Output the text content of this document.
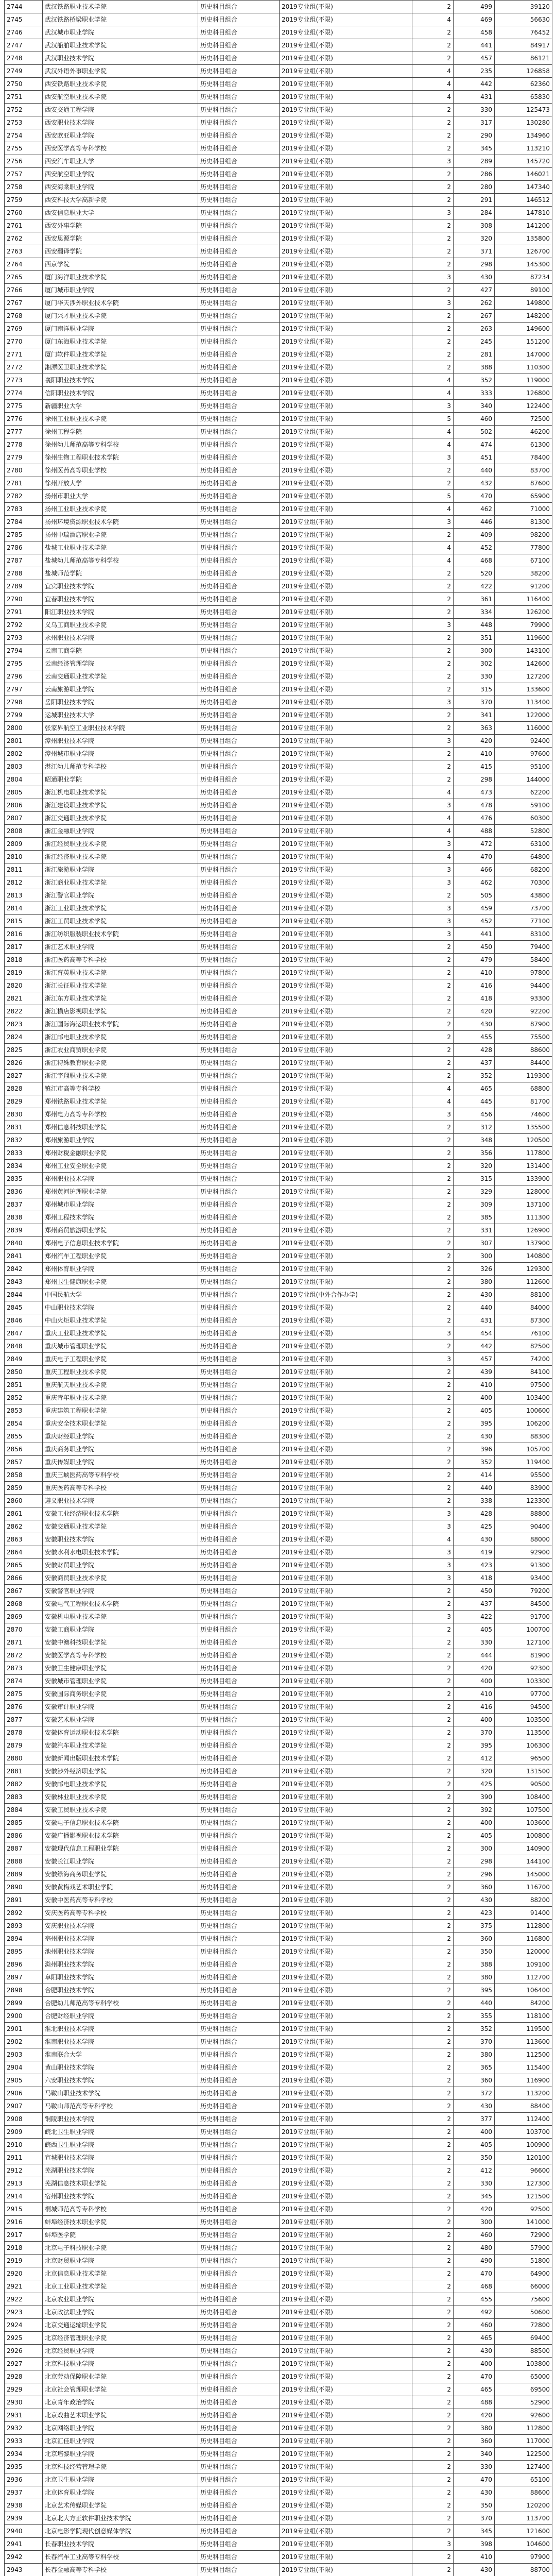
2744	武汉铁路职业技术学院	历史科目组合	2019专业组(不限)	2	499	39120
2745	武汉铁路桥梁职业学院	历史科目组合	2019专业组(不限)	4	469	56630
2746	武汉城市职业学院	历史科目组合	2019专业组(不限)	2	458	76452
2747	武汉船舶职业技术学院	历史科目组合	2019专业组(不限)	2	441	84917
2748	武汉职业技术学院	历史科目组合	2019专业组(不限)	2	457	86121
2749	武汉外语外事职业学院	历史科目组合	2019专业组(不限)	4	235	126858
2750	西安铁路职业技术学院	历史科目组合	2019专业组(不限)	4	442	62360
2751	西安航空职业技术学院	历史科目组合	2019专业组(不限)	4	431	65830
2752	西安交通工程学院	历史科目组合	2019专业组(不限)	2	330	125473
2753	西安职业技术学院	历史科目组合	2019专业组(不限)	2	317	130280
2754	西安欧亚职业学院	历史科目组合	2019专业组(不限)	2	290	134960
2755	西安医学高等专科学校	历史科目组合	2019专业组(不限)	2	345	113210
2756	西安汽车职业大学	历史科目组合	2019专业组(不限)	3	289	145720
2757	西安航空职业学院	历史科目组合	2019专业组(不限)	2	286	146021
2758	西安海棠职业学院	历史科目组合	2019专业组(不限)	2	280	147340
2759	西安科技大学高新学院	历史科目组合	2019专业组(不限)	2	291	146512
2760	西安信息职业大学	历史科目组合	2019专业组(不限)	3	284	147810
2761	西安外事学院	历史科目组合	2019专业组(不限)	2	308	141200
2762	西安思源学院	历史科目组合	2019专业组(不限)	2	320	135800
2763	西安翻译学院	历史科目组合	2019专业组(不限)	2	371	126700
2764	西京学院	历史科目组合	2019专业组(不限)	2	298	145300
2765	厦门海洋职业技术学院	历史科目组合	2019专业组(不限)	3	430	87234
2766	厦门城市职业学院	历史科目组合	2019专业组(不限)	2	427	89100
2767	厦门华天涉外职业技术学院	历史科目组合	2019专业组(不限)	3	262	149800
2768	厦门兴才职业技术学院	历史科目组合	2019专业组(不限)	2	267	148200
2769	厦门南洋职业学院	历史科目组合	2019专业组(不限)	2	263	149600
2770	厦门东海职业技术学院	历史科目组合	2019专业组(不限)	2	245	151200
2771	厦门软件职业技术学院	历史科目组合	2019专业组(不限)	2	281	147000
2772	湘潭医卫职业技术学院	历史科目组合	2019专业组(不限)	2	388	110300
2773	襄阳职业技术学院	历史科目组合	2019专业组(不限)	4	352	119000
2774	信阳职业技术学院	历史科目组合	2019专业组(不限)	4	333	126800
2775	新疆职业大学	历史科目组合	2019专业组(不限)	3	340	122400
2776	徐州工业职业技术学院	历史科目组合	2019专业组(不限)	5	460	72500
2777	徐州工程学院	历史科目组合	2019专业组(不限)	4	502	46200
2778	徐州幼儿师范高等专科学校	历史科目组合	2019专业组(不限)	4	474	61300
2779	徐州生物工程职业技术学院	历史科目组合	2019专业组(不限)	3	451	78400
2780	徐州医药高等职业学校	历史科目组合	2019专业组(不限)	2	440	83700
2781	徐州开放大学	历史科目组合	2019专业组(不限)	2	432	87600
2782	扬州市职业大学	历史科目组合	2019专业组(不限)	5	470	65900
2783	扬州工业职业技术学院	历史科目组合	2019专业组(不限)	4	462	71000
2784	扬州环境资源职业技术学院	历史科目组合	2019专业组(不限)	3	446	81300
2785	扬州中瑞酒店职业学院	历史科目组合	2019专业组(不限)	2	409	98200
2786	盐城工业职业技术学院	历史科目组合	2019专业组(不限)	4	452	77800
2787	盐城幼儿师范高等专科学校	历史科目组合	2019专业组(不限)	4	468	67100
2788	盐城师范学院	历史科目组合	2019专业组(不限)	2	520	38200
2789	宜宾职业技术学院	历史科目组合	2019专业组(不限)	2	422	91200
2790	宜春职业技术学院	历史科目组合	2019专业组(不限)	2	361	116400
2791	阳江职业技术学院	历史科目组合	2019专业组(不限)	2	334	126200
2792	义乌工商职业技术学院	历史科目组合	2019专业组(不限)	3	448	79900
2793	永州职业技术学院	历史科目组合	2019专业组(不限)	2	351	119600
2794	云南工商学院	历史科目组合	2019专业组(不限)	2	300	143100
2795	云南经济管理学院	历史科目组合	2019专业组(不限)	2	302	142600
2796	云南交通职业技术学院	历史科目组合	2019专业组(不限)	2	330	127200
2797	云南旅游职业学院	历史科目组合	2019专业组(不限)	2	315	133600
2798	岳阳职业技术学院	历史科目组合	2019专业组(不限)	3	370	113400
2799	运城职业技术大学	历史科目组合	2019专业组(不限)	2	341	122000
2800	张家界航空工业职业技术学院	历史科目组合	2019专业组(不限)	2	363	116000
2801	漳州职业技术学院	历史科目组合	2019专业组(不限)	3	420	92400
2802	漳州城市职业学院	历史科目组合	2019专业组(不限)	2	410	97600
2803	湛江幼儿师范专科学校	历史科目组合	2019专业组(不限)	2	415	95100
2804	昭通职业学院	历史科目组合	2019专业组(不限)	2	298	144000
2805	浙江机电职业技术学院	历史科目组合	2019专业组(不限)	4	473	62200
2806	浙江建设职业技术学院	历史科目组合	2019专业组(不限)	3	478	59100
2807	浙江交通职业技术学院	历史科目组合	2019专业组(不限)	4	476	60300
2808	浙江金融职业学院	历史科目组合	2019专业组(不限)	4	488	52800
2809	浙江经贸职业技术学院	历史科目组合	2019专业组(不限)	3	472	63100
2810	浙江经济职业技术学院	历史科目组合	2019专业组(不限)	4	470	64800
2811	浙江旅游职业学院	历史科目组合	2019专业组(不限)	3	466	68200
2812	浙江商业职业技术学院	历史科目组合	2019专业组(不限)	3	462	70300
2813	浙江警官职业学院	历史科目组合	2019专业组(不限)	2	505	43800
2814	浙江工业职业技术学院	历史科目组合	2019专业组(不限)	3	459	73700
2815	浙江工贸职业技术学院	历史科目组合	2019专业组(不限)	3	452	77100
2816	浙江纺织服装职业技术学院	历史科目组合	2019专业组(不限)	3	441	83100
2817	浙江艺术职业学院	历史科目组合	2019专业组(不限)	2	450	79400
2818	浙江医药高等专科学校	历史科目组合	2019专业组(不限)	2	479	58400
2819	浙江育英职业技术学院	历史科目组合	2019专业组(不限)	2	410	97800
2820	浙江长征职业技术学院	历史科目组合	2019专业组(不限)	2	416	94400
2821	浙江东方职业技术学院	历史科目组合	2019专业组(不限)	2	418	93300
2822	浙江横店影视职业学院	历史科目组合	2019专业组(不限)	2	420	92200
2823	浙江国际海运职业技术学院	历史科目组合	2019专业组(不限)	2	430	87900
2824	浙江邮电职业技术学院	历史科目组合	2019专业组(不限)	2	455	75500
2825	浙江农业商贸职业学院	历史科目组合	2019专业组(不限)	2	428	88600
2826	浙江特殊教育职业学院	历史科目组合	2019专业组(不限)	2	437	84400
2827	浙江宇翔职业技术学院	历史科目组合	2019专业组(不限)	2	352	119300
2828	镇江市高等专科学校	历史科目组合	2019专业组(不限)	4	465	68800
2829	郑州铁路职业技术学院	历史科目组合	2019专业组(不限)	4	445	81700
2830	郑州电力高等专科学校	历史科目组合	2019专业组(不限)	3	456	74600
2831	郑州信息科技职业学院	历史科目组合	2019专业组(不限)	2	312	135500
2832	郑州旅游职业学院	历史科目组合	2019专业组(不限)	2	348	120500
2833	郑州财税金融职业学院	历史科目组合	2019专业组(不限)	2	356	117800
2834	郑州工业安全职业学院	历史科目组合	2019专业组(不限)	2	320	131400
2835	郑州职业技术学院	历史科目组合	2019专业组(不限)	2	315	133900
2836	郑州黄河护理职业学院	历史科目组合	2019专业组(不限)	2	329	128000
2837	郑州城市职业学院	历史科目组合	2019专业组(不限)	2	309	137100
2838	郑州工程技术学院	历史科目组合	2019专业组(不限)	2	385	111300
2839	郑州商贸旅游职业学院	历史科目组合	2019专业组(不限)	2	331	126900
2840	郑州电子信息职业技术学院	历史科目组合	2019专业组(不限)	2	307	137900
2841	郑州汽车工程职业学院	历史科目组合	2019专业组(不限)	2	300	140800
2842	郑州体育职业学院	历史科目组合	2019专业组(不限)	2	326	129300
2843	郑州卫生健康职业学院	历史科目组合	2019专业组(不限)	2	380	112600
2844	中国民航大学	历史科目组合	2019专业组(中外合作办学)	2	430	88100
2845	中山职业技术学院	历史科目组合	2019专业组(不限)	2	440	84000
2846	中山火炬职业技术学院	历史科目组合	2019专业组(不限)	2	431	87300
2847	重庆工业职业技术学院	历史科目组合	2019专业组(不限)	3	454	76100
2848	重庆城市管理职业学院	历史科目组合	2019专业组(不限)	2	442	82500
2849	重庆电子工程职业学院	历史科目组合	2019专业组(不限)	3	457	74200
2850	重庆工程职业技术学院	历史科目组合	2019专业组(不限)	2	439	84100
2851	重庆航天职业技术学院	历史科目组合	2019专业组(不限)	2	410	97500
2852	重庆青年职业技术学院	历史科目组合	2019专业组(不限)	2	400	103400
2853	重庆建筑工程职业学院	历史科目组合	2019专业组(不限)	2	405	100600
2854	重庆安全技术职业学院	历史科目组合	2019专业组(不限)	2	395	106200
2855	重庆财经职业学院	历史科目组合	2019专业组(不限)	2	430	88300
2856	重庆商务职业学院	历史科目组合	2019专业组(不限)	2	396	105700
2857	重庆传媒职业学院	历史科目组合	2019专业组(不限)	2	352	119400
2858	重庆三峡医药高等专科学校	历史科目组合	2019专业组(不限)	2	414	95500
2859	重庆医药高等专科学校	历史科目组合	2019专业组(不限)	2	440	83900
2860	遵义职业技术学院	历史科目组合	2019专业组(不限)	2	338	123300
2861	安徽工业经济职业技术学院	历史科目组合	2019专业组(不限)	3	428	88800
2862	安徽交通职业技术学院	历史科目组合	2019专业组(不限)	3	425	90400
2863	安徽职业技术学院	历史科目组合	2019专业组(不限)	4	430	88000
2864	安徽水利水电职业技术学院	历史科目组合	2019专业组(不限)	3	419	92900
2865	安徽财贸职业学院	历史科目组合	2019专业组(不限)	3	423	91300
2866	安徽商贸职业技术学院	历史科目组合	2019专业组(不限)	3	418	93400
2867	安徽警官职业学院	历史科目组合	2019专业组(不限)	2	450	79200
2868	安徽电气工程职业技术学院	历史科目组合	2019专业组(不限)	2	437	84500
2869	安徽机电职业技术学院	历史科目组合	2019专业组(不限)	3	422	91700
2870	安徽工商职业学院	历史科目组合	2019专业组(不限)	2	405	100700
2871	安徽中澳科技职业学院	历史科目组合	2019专业组(不限)	2	330	127100
2872	安徽医学高等专科学校	历史科目组合	2019专业组(不限)	2	444	81900
2873	安徽卫生健康职业学院	历史科目组合	2019专业组(不限)	2	420	92300
2874	安徽城市管理职业学院	历史科目组合	2019专业组(不限)	2	400	103300
2875	安徽国际商务职业学院	历史科目组合	2019专业组(不限)	2	410	97700
2876	安徽审计职业学院	历史科目组合	2019专业组(不限)	2	416	94500
2877	安徽艺术职业学院	历史科目组合	2019专业组(不限)	2	400	103500
2878	安徽体育运动职业技术学院	历史科目组合	2019专业组(不限)	2	370	113500
2879	安徽汽车职业技术学院	历史科目组合	2019专业组(不限)	2	395	106300
2880	安徽新闻出版职业技术学院	历史科目组合	2019专业组(不限)	2	412	96500
2881	安徽涉外经济职业学院	历史科目组合	2019专业组(不限)	2	320	131500
2882	安徽邮电职业技术学院	历史科目组合	2019专业组(不限)	2	425	90500
2883	安徽林业职业技术学院	历史科目组合	2019专业组(不限)	2	390	108400
2884	安徽工贸职业技术学院	历史科目组合	2019专业组(不限)	2	392	107500
2885	安徽电子信息职业技术学院	历史科目组合	2019专业组(不限)	2	400	103600
2886	安徽广播影视职业技术学院	历史科目组合	2019专业组(不限)	2	405	100800
2887	安徽现代信息工程职业学院	历史科目组合	2019专业组(不限)	2	300	140900
2888	安徽长江职业学院	历史科目组合	2019专业组(不限)	2	298	144100
2889	安徽绿海商务职业学院	历史科目组合	2019专业组(不限)	2	296	145000
2890	安徽黄梅戏艺术职业学院	历史科目组合	2019专业组(不限)	2	360	116700
2891	安徽中医药高等专科学校	历史科目组合	2019专业组(不限)	2	430	88200
2892	安庆医药高等专科学校	历史科目组合	2019专业组(不限)	2	423	91400
2893	安庆职业技术学院	历史科目组合	2019专业组(不限)	2	375	112800
2894	亳州职业技术学院	历史科目组合	2019专业组(不限)	2	360	116800
2895	池州职业技术学院	历史科目组合	2019专业组(不限)	2	350	120000
2896	滁州职业技术学院	历史科目组合	2019专业组(不限)	2	388	109100
2897	阜阳职业技术学院	历史科目组合	2019专业组(不限)	2	380	112700
2898	合肥职业技术学院	历史科目组合	2019专业组(不限)	2	395	106400
2899	合肥幼儿师范高等专科学校	历史科目组合	2019专业组(不限)	2	440	84200
2900	合肥财经职业学院	历史科目组合	2019专业组(不限)	2	355	118100
2901	淮北职业技术学院	历史科目组合	2019专业组(不限)	2	352	119500
2902	淮南职业技术学院	历史科目组合	2019专业组(不限)	2	370	113600
2903	淮南联合大学	历史科目组合	2019专业组(不限)	2	380	112500
2904	黄山职业技术学院	历史科目组合	2019专业组(不限)	2	365	115400
2905	六安职业技术学院	历史科目组合	2019专业组(不限)	2	360	116900
2906	马鞍山职业技术学院	历史科目组合	2019专业组(不限)	2	372	113200
2907	马鞍山师范高等专科学校	历史科目组合	2019专业组(不限)	2	430	88400
2908	铜陵职业技术学院	历史科目组合	2019专业组(不限)	2	377	112400
2909	皖北卫生职业学院	历史科目组合	2019专业组(不限)	2	400	103700
2910	皖西卫生职业学院	历史科目组合	2019专业组(不限)	2	405	100900
2911	宣城职业技术学院	历史科目组合	2019专业组(不限)	2	350	120100
2912	芜湖职业技术学院	历史科目组合	2019专业组(不限)	2	412	96600
2913	芜湖信息技术职业学院	历史科目组合	2019专业组(不限)	2	330	127300
2914	宿州职业技术学院	历史科目组合	2019专业组(不限)	2	345	121500
2915	桐城师范高等专科学校	历史科目组合	2019专业组(不限)	2	420	92500
2916	蚌埠经济技术职业学院	历史科目组合	2019专业组(不限)	2	300	141000
2917	蚌埠医学院	历史科目组合	2019专业组(不限)	2	460	72900
2918	北京电子科技职业学院	历史科目组合	2019专业组(不限)	2	480	57900
2919	北京财贸职业学院	历史科目组合	2019专业组(不限)	2	490	51800
2920	北京信息职业技术学院	历史科目组合	2019专业组(不限)	2	470	64900
2921	北京工业职业技术学院	历史科目组合	2019专业组(不限)	2	468	66000
2922	北京农业职业学院	历史科目组合	2019专业组(不限)	2	455	75600
2923	北京政法职业学院	历史科目组合	2019专业组(不限)	2	492	50600
2924	北京交通运输职业学院	历史科目组合	2019专业组(不限)	2	460	72800
2925	北京经济管理职业学院	历史科目组合	2019专业组(不限)	2	465	69400
2926	北京经贸职业学院	历史科目组合	2019专业组(不限)	2	430	88500
2927	北京科技职业学院	历史科目组合	2019专业组(不限)	2	400	103800
2928	北京劳动保障职业学院	历史科目组合	2019专业组(不限)	2	470	65000
2929	北京社会管理职业学院	历史科目组合	2019专业组(不限)	2	465	69500
2930	北京青年政治学院	历史科目组合	2019专业组(不限)	2	488	52900
2931	北京戏曲艺术职业学院	历史科目组合	2019专业组(不限)	2	420	92600
2932	北京网络职业学院	历史科目组合	2019专业组(不限)	2	380	112800
2933	北京汇佳职业学院	历史科目组合	2019专业组(不限)	2	360	117000
2934	北京培黎职业学院	历史科目组合	2019专业组(不限)	2	340	122500
2935	北京科技经营管理学院	历史科目组合	2019专业组(不限)	2	330	127400
2936	北京卫生职业学院	历史科目组合	2019专业组(不限)	2	470	65100
2937	北京体育职业学院	历史科目组合	2019专业组(不限)	2	430	88600
2938	北京艺术传媒职业学院	历史科目组合	2019专业组(不限)	2	350	120200
2939	北京北大方正软件职业技术学院	历史科目组合	2019专业组(不限)	2	370	113700
2940	北京电影学院现代创意媒体学院	历史科目组合	2019专业组(不限)	2	345	121600
2941	长春职业技术学院	历史科目组合	2019专业组(不限)	3	398	104600
2942	长春汽车工业高等专科学校	历史科目组合	2019专业组(不限)	2	410	97900
2943	长春金融高等专科学校	历史科目组合	2019专业组(不限)	2	430	88700
